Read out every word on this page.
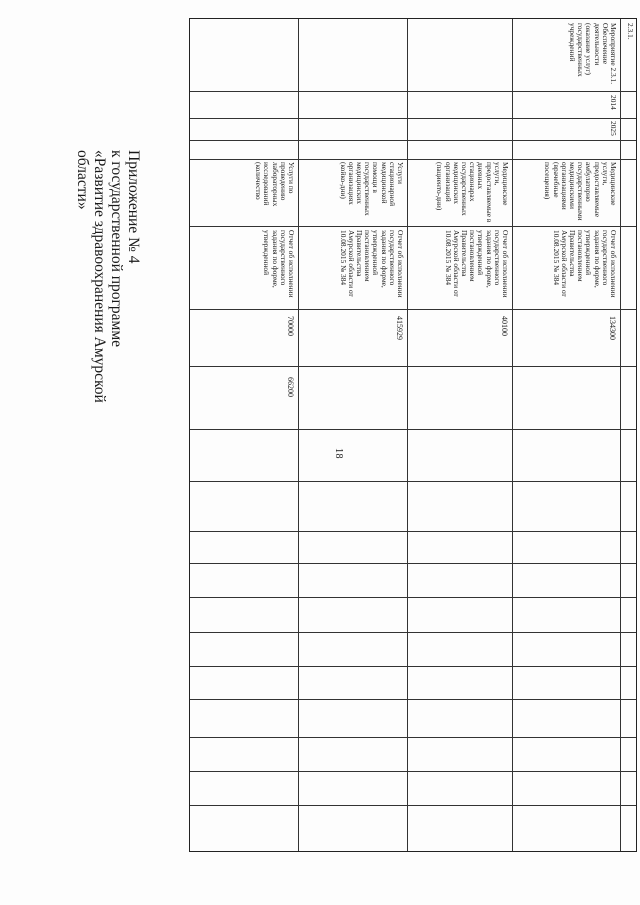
18
Приложение № 4
к государственной программе
«Развитие здравоохранения Амурской
области»
2.3.1.
Мероприятие 2.3.1. Обеспечение деятельности (оказание услуг) государственных учреждений
2014
2025
Медицинские услуги, предоставляемые амбулаторно государственными медицинскими организациями (врачебные посещения)
Отчет об исполнении государственного задания по форме, утвержденной постановлением Правительства Амурской области от 10.08.2015 № 384
134300
Медицинские услуги, предоставляемые в дневных стационарах государственных медицинских организаций (пациенто-дни)
Отчет об исполнении государственного задания по форме, утвержденной постановлением Правительства Амурской области от 10.08.2015 № 384
40100
Услуги стационарной медицинской помощи в государственных медицинских организациях (койко-дни)
Отчет об исполнении государственного задания по форме, утвержденной постановлением Правительства Амурской области от 10.08.2015 № 384
415929
Услуги по проведению лабораторных исследований (количество
Отчет об исполнении государственного задания по форме, утвержденной
70000
66200
